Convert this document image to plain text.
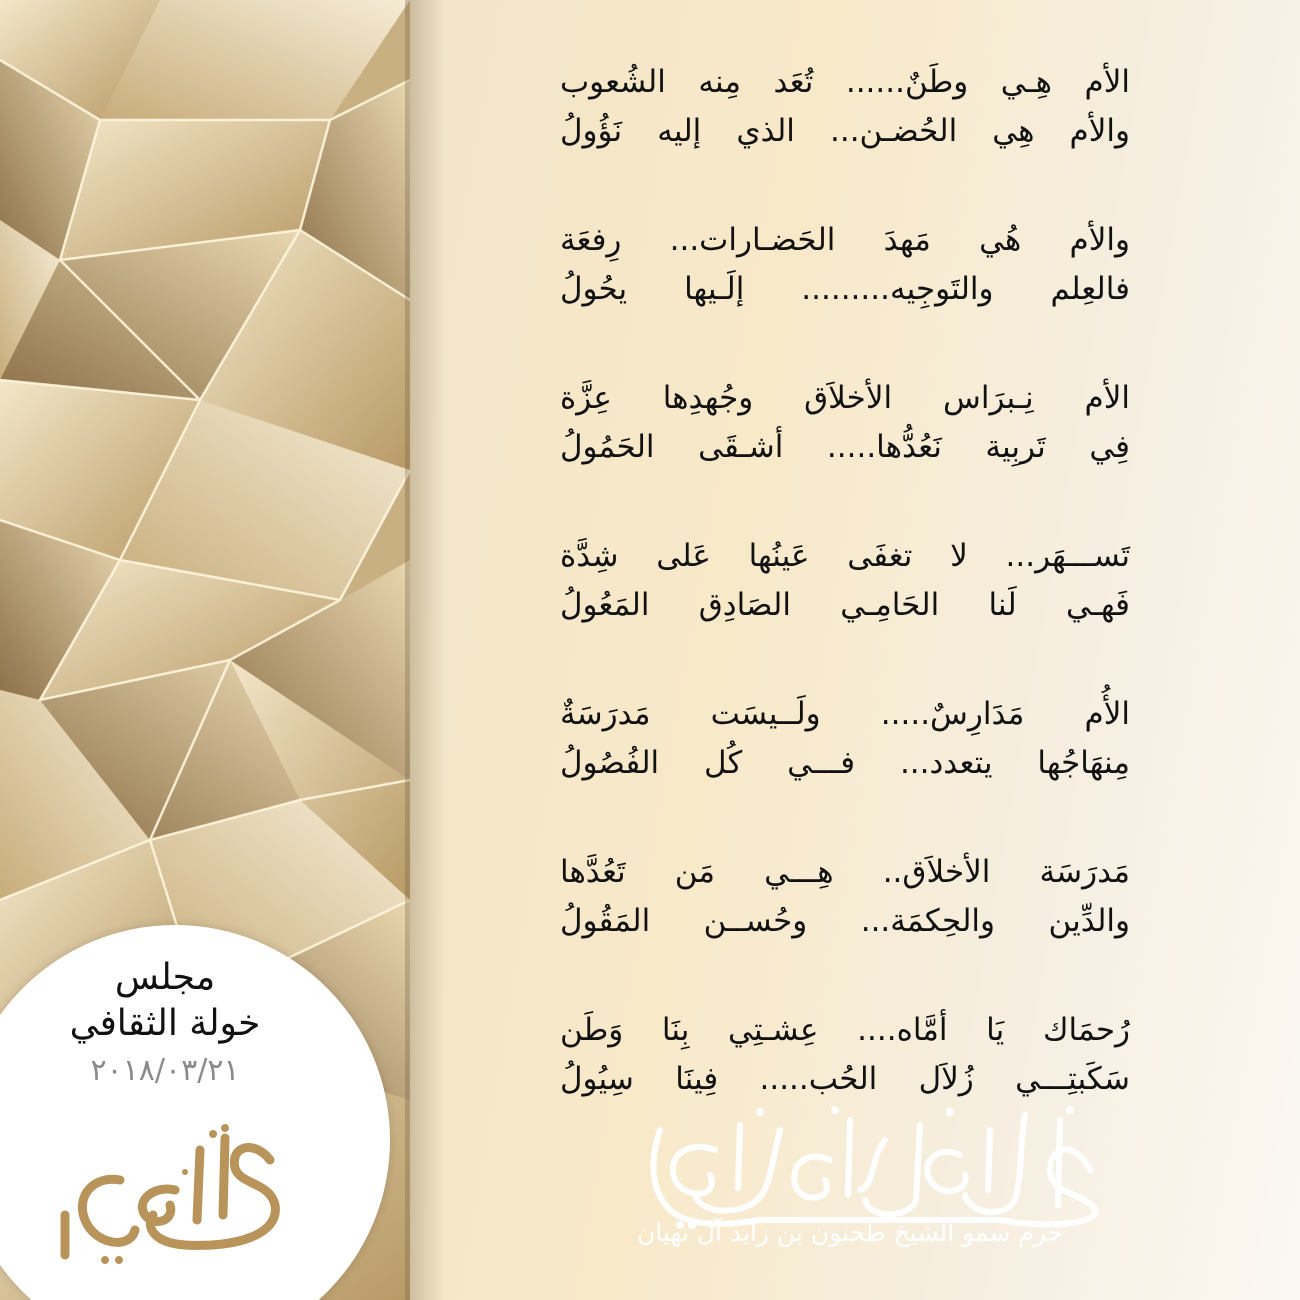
الأم هِـي وطَنٌ...... تُعَد مِنه الشُعوب
والأم هِي الحُضـن... الذي إليه نَؤُولُ
والأم هُي مَهدَ الحَضـارات... رِفعَة
فالعِلم والتَوجِيه......... إلَـيها يحُولُ
الأم نِـبرَاس الأخلاَق وجُهدِها عِزَّة
فِي تَربِية نَعُدُّها..... أشـقَى الحَمُولُ
تَســـهَر... لا تغفَى عَينُها عَلى شِدَّة
فَهـي لَنا الحَامِـي الصَادِق المَعُولُ
الأُم مَدَارِسٌ..... ولَــيسَت مَدرَسَةٌ
مِنهَاجُها يتعدد... فـــي كُل الفُصُولُ
مَدرَسَة الأخلاَق.. هِـــي مَن تَعُدَّها
والدِّين والحِكمَة... وحُســن المَقُولُ
رُحمَاك يَا أمَّاه.... عِشـتِي بِنَا وَطَن
سَكَبتِـــي زُلاَل الحُب..... فِينَا سِيُولُ
مجلس
خولة الثقافي
٢٠١٨/٠٣/٢١
حرم سمو الشيخ طحنون بن زايد آل نهيان
